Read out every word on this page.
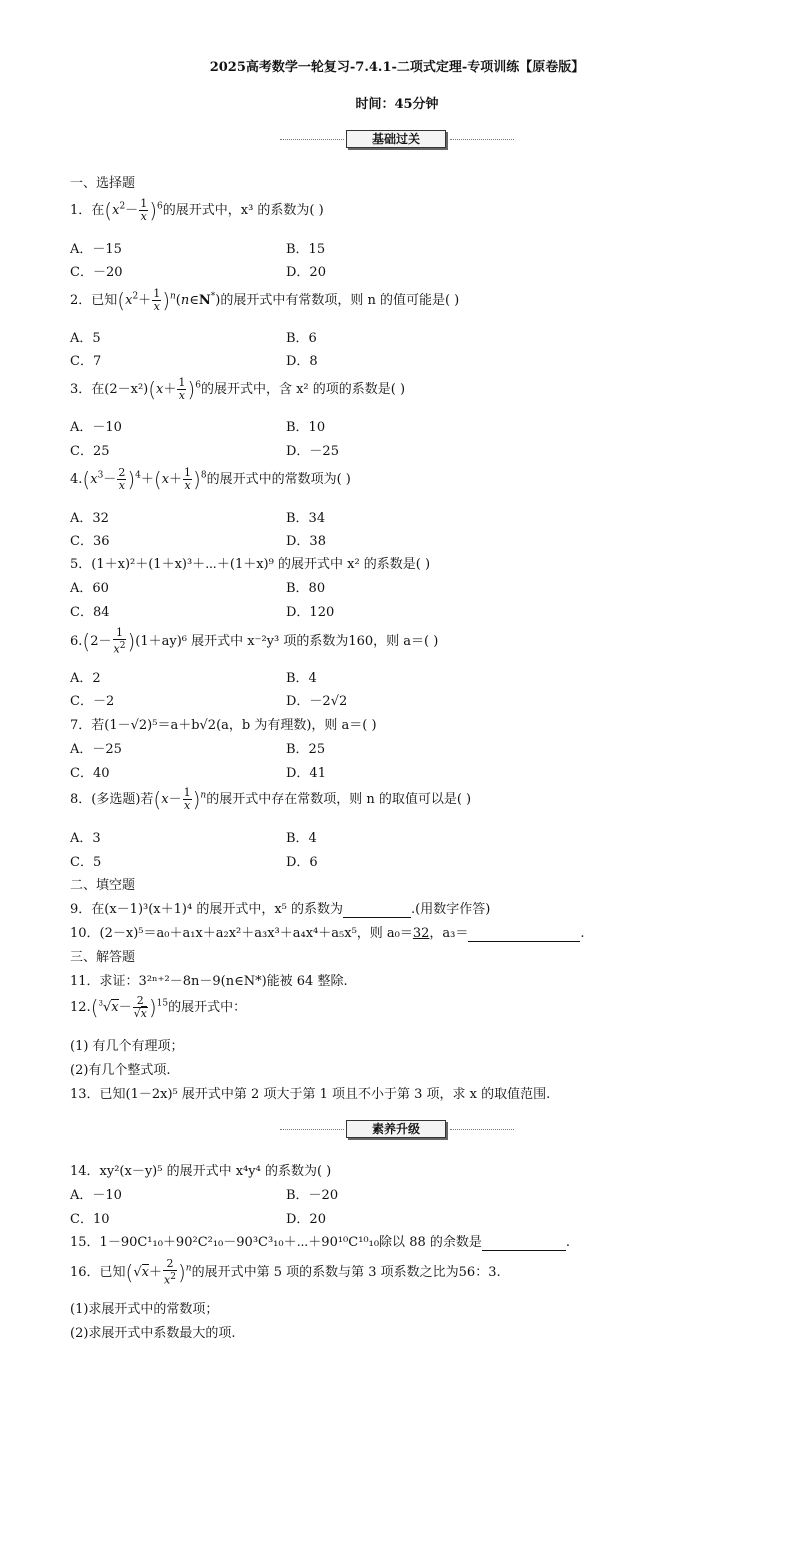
2025高考数学一轮复习-7.4.1-二项式定理-专项训练【原卷版】
时间：45分钟
基础过关
一、选择题
1．在$(x^2- \frac{1}{x} )^6$的展开式中，x³ 的系数为( )
A．－15	B．15
C．－20	D．20
2．已知($x^2+ \frac{1}{x}$ )$^n(n\in N^*)$的展开式中有常数项，则 n 的值可能是( )
A．5	B．6
C．7	D．8
3．在$(2-x^2)(x+ \frac{1}{x} )^6$的展开式中，含 x² 的项的系数是( )
A．－10	B．10
C．25	D．－25
$4.(x^3- \frac{2}{x} )^4+(x+ \frac{1}{x} )^8$的展开式中的常数项为( )
A．32	B．34
C．36	D．38
5．(1＋x)²＋(1＋x)³＋⋯＋(1＋x)⁹ 的展开式中 x² 的系数是( )
A．60	B．80
C．84	D．120
$6.(2- \frac{1}{x^2} )(1+ay)^6$ 展开式中 x⁻²y³ 项的系数为160，则 a＝( )
A．2	B．4
C．－2	D．－2√2
7．若(1－√2)⁵＝a＋b√2(a，b 为有理数)，则 a＝( )
A．－25	B．25
C．40	D．41
8．(多选题)若$(x- \frac{1}{x} )^n$的展开式中存在常数项，则 n 的取值可以是( )
A．3	B．4
C．5	D．6
二、填空题
9．在(x－1)³(x＋1)⁴ 的展开式中，x⁵ 的系数为	.(用数字作答)
10．(2－x)⁵＝a₀＋a₁x＋a₂x²＋a₃x³＋a₄x⁴＋a₅x⁵，则 a₀＝32，a₃＝	.
三、解答题
11．求证：3²ⁿ⁺²－8n－9(n∈N*)能被 64 整除.
$12.(^3√x- \frac{2}{√x} )^{15}$的展开式中：
(1) 有几个有理项；
(2)有几个整式项.
13．已知(1－2x)⁵ 展开式中第 2 项大于第 1 项且不小于第 3 项，求 x 的取值范围.
素养升级
14．xy²(x－y)⁵ 的展开式中 x⁴y⁴ 的系数为( )
A．－10	B．－20
C．10	D．20
15．1－90C¹₁₀＋90²C²₁₀－90³C³₁₀＋⋯＋90¹⁰C¹⁰₁₀除以 88 的余数是	.
16．已知$(√x+ \frac{2}{x^2} )^n$的展开式中第 5 项的系数与第 3 项系数之比为56：3.
(1)求展开式中的常数项；
(2)求展开式中系数最大的项.
